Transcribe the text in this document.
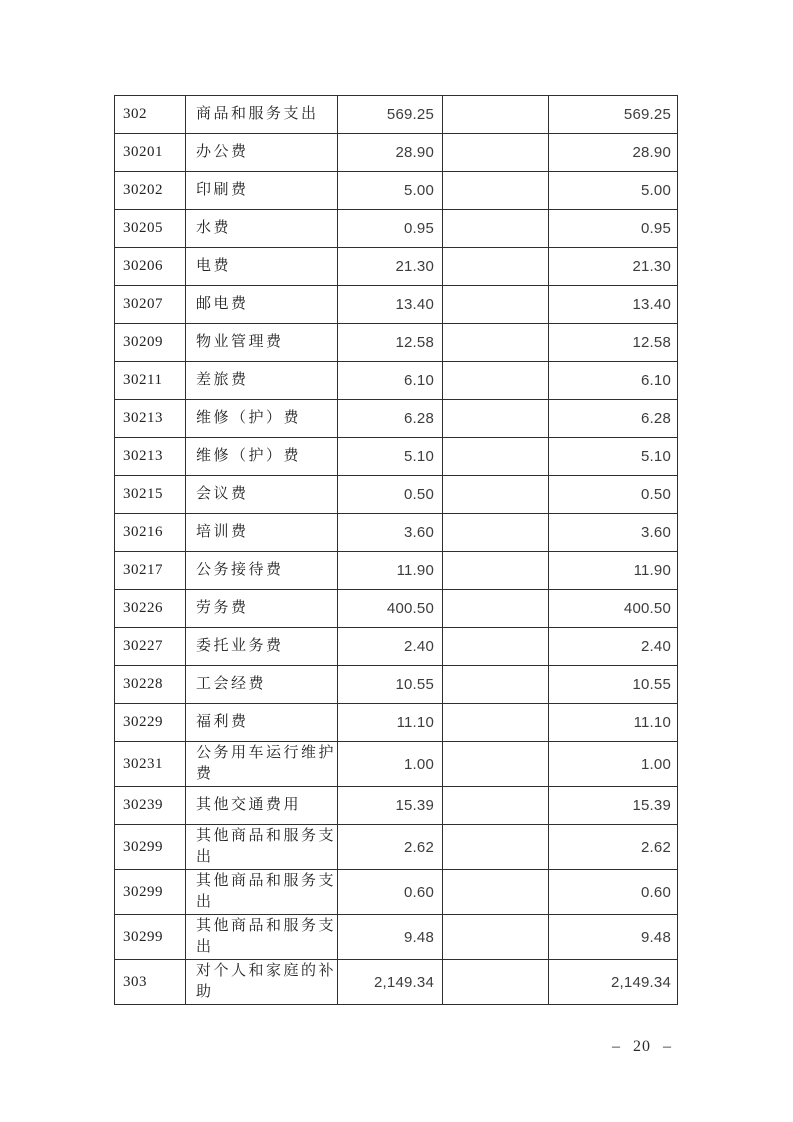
302	商品和服务支出	569.25		569.25
30201	办公费	28.90		28.90
30202	印刷费	5.00		5.00
30205	水费	0.95		0.95
30206	电费	21.30		21.30
30207	邮电费	13.40		13.40
30209	物业管理费	12.58		12.58
30211	差旅费	6.10		6.10
30213	维修（护）费	6.28		6.28
30213	维修（护）费	5.10		5.10
30215	会议费	0.50		0.50
30216	培训费	3.60		3.60
30217	公务接待费	11.90		11.90
30226	劳务费	400.50		400.50
30227	委托业务费	2.40		2.40
30228	工会经费	10.55		10.55
30229	福利费	11.10		11.10
30231	公务用车运行维护费	1.00		1.00
30239	其他交通费用	15.39		15.39
30299	其他商品和服务支出	2.62		2.62
30299	其他商品和服务支出	0.60		0.60
30299	其他商品和服务支出	9.48		9.48
303	对个人和家庭的补助	2,149.34		2,149.34
– 20 –
